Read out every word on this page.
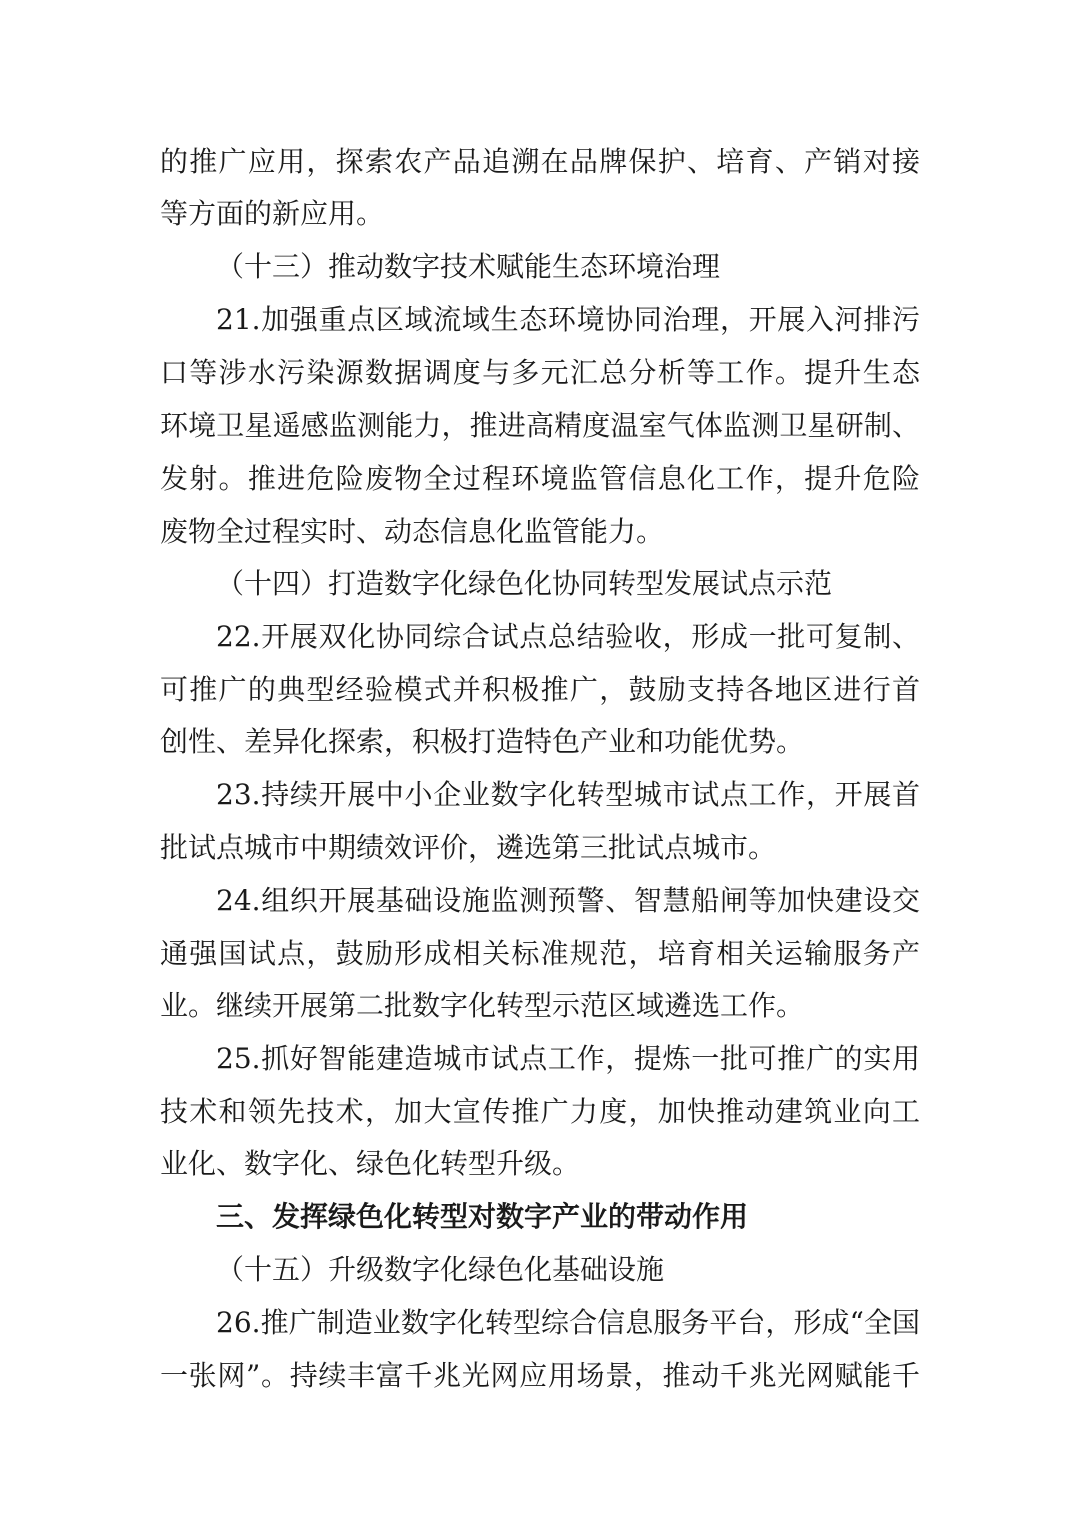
的推广应用，探索农产品追溯在品牌保护、培育、产销对接
等方面的新应用。
（十三）推动数字技术赋能生态环境治理
21.加强重点区域流域生态环境协同治理，开展入河排污
口等涉水污染源数据调度与多元汇总分析等工作。提升生态
环境卫星遥感监测能力，推进高精度温室气体监测卫星研制、
发射。推进危险废物全过程环境监管信息化工作，提升危险
废物全过程实时、动态信息化监管能力。
（十四）打造数字化绿色化协同转型发展试点示范
22.开展双化协同综合试点总结验收，形成一批可复制、
可推广的典型经验模式并积极推广，鼓励支持各地区进行首
创性、差异化探索，积极打造特色产业和功能优势。
23.持续开展中小企业数字化转型城市试点工作，开展首
批试点城市中期绩效评价，遴选第三批试点城市。
24.组织开展基础设施监测预警、智慧船闸等加快建设交
通强国试点，鼓励形成相关标准规范，培育相关运输服务产
业。继续开展第二批数字化转型示范区域遴选工作。
25.抓好智能建造城市试点工作，提炼一批可推广的实用
技术和领先技术，加大宣传推广力度，加快推动建筑业向工
业化、数字化、绿色化转型升级。
三、发挥绿色化转型对数字产业的带动作用
（十五）升级数字化绿色化基础设施
26.推广制造业数字化转型综合信息服务平台，形成“全国
一张网”。持续丰富千兆光网应用场景，推动千兆光网赋能千
